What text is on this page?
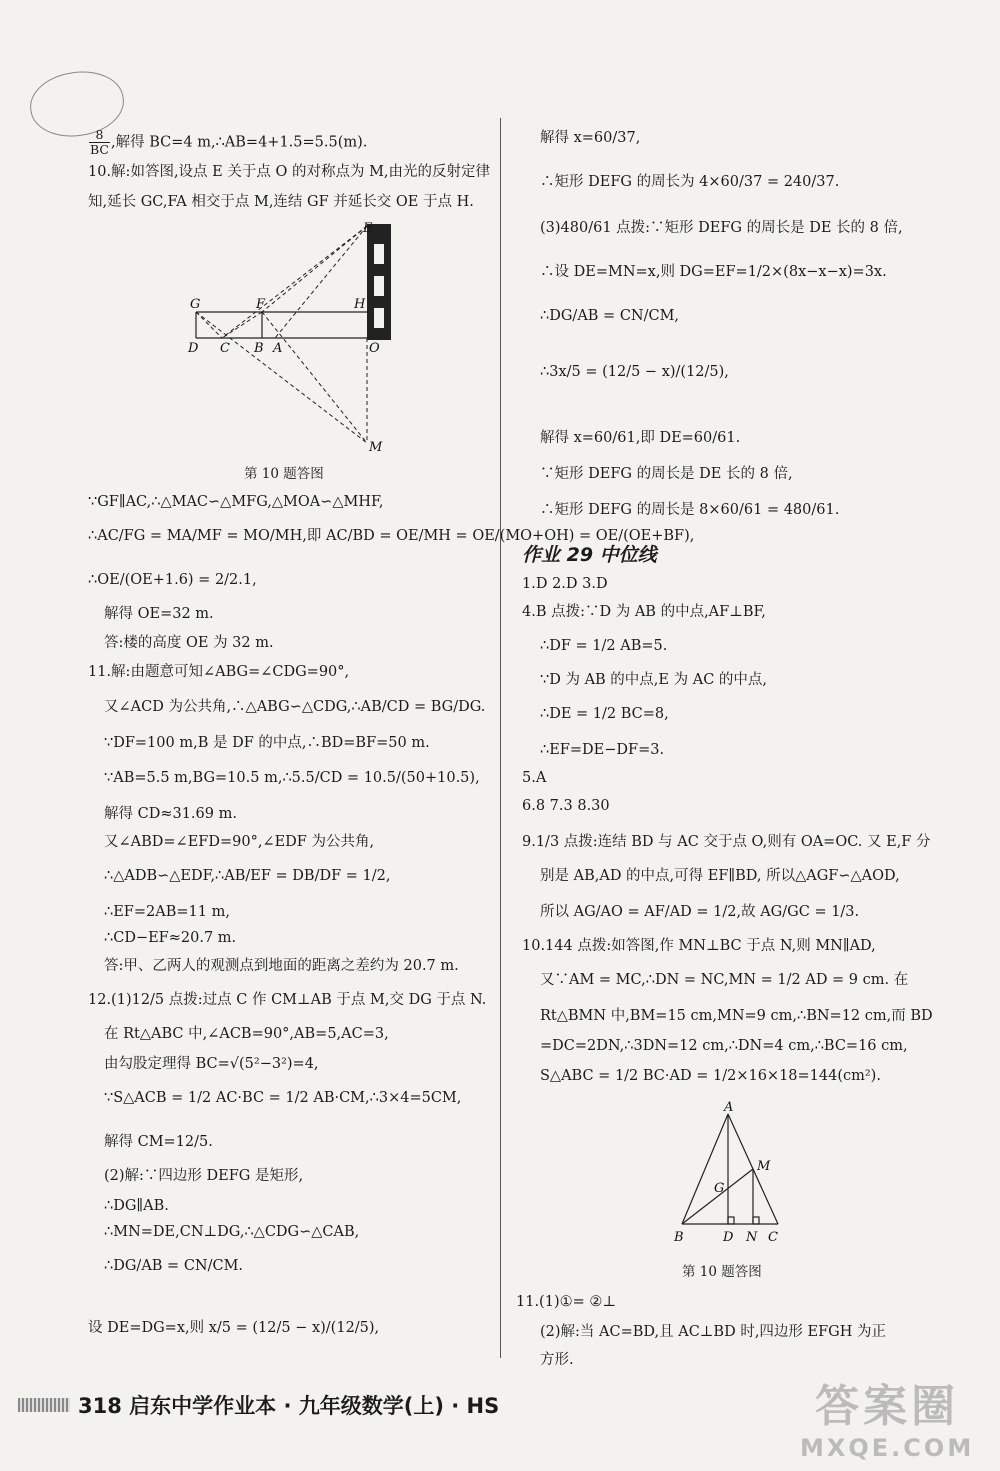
$\frac{8}{BC}$ ,解得 BC=4 m,∴AB=4+1.5=5.5(m).
10.解:如答图,设点 E 关于点 O 的对称点为 M,由光的反射定律
知,延长 GC,FA 相交于点 M,连结 GF 并延长交 OE 于点 H.
E
G	F	H
D C B A	O
M
第 10 题答图
∵GF∥AC,∴△MAC∽△MFG,△MOA∽△MHF,
∴AC/FG = MA/MF = MO/MH,即 AC/BD = OE/MH = OE/(MO+OH) = OE/(OE+BF),
∴OE/(OE+1.6) = 2/2.1,
解得 OE=32 m.
答:楼的高度 OE 为 32 m.
11.解:由题意可知∠ABG=∠CDG=90°,
又∠ACD 为公共角,∴△ABG∽△CDG,∴AB/CD = BG/DG.
∵DF=100 m,B 是 DF 的中点,∴BD=BF=50 m.
∵AB=5.5 m,BG=10.5 m,∴5.5/CD = 10.5/(50+10.5),
解得 CD≈31.69 m.
又∠ABD=∠EFD=90°,∠EDF 为公共角,
∴△ADB∽△EDF,∴AB/EF = DB/DF = 1/2,
∴EF=2AB=11 m,
∴CD−EF≈20.7 m.
答:甲、乙两人的观测点到地面的距离之差约为 20.7 m.
12.(1)12/5 点拨:过点 C 作 CM⊥AB 于点 M,交 DG 于点 N.
在 Rt△ABC 中,∠ACB=90°,AB=5,AC=3,
由勾股定理得 BC=√(5²−3²)=4,
∵S△ACB = 1/2 AC·BC = 1/2 AB·CM,∴3×4=5CM,
解得 CM=12/5.
(2)解:∵四边形 DEFG 是矩形,
∴DG∥AB.
∴MN=DE,CN⊥DG,∴△CDG∽△CAB,
∴DG/AB = CN/CM.
设 DE=DG=x,则 x/5 = (12/5 − x)/(12/5),
解得 x=60/37,
∴矩形 DEFG 的周长为 4×60/37 = 240/37.
(3)480/61 点拨:∵矩形 DEFG 的周长是 DE 长的 8 倍,
∴设 DE=MN=x,则 DG=EF=1/2×(8x−x−x)=3x.
∴DG/AB = CN/CM,
∴3x/5 = (12/5 − x)/(12/5),
解得 x=60/61,即 DE=60/61.
∵矩形 DEFG 的周长是 DE 长的 8 倍,
∴矩形 DEFG 的周长是 8×60/61 = 480/61.
作业 29 中位线
1.D 2.D 3.D
4.B 点拨:∵D 为 AB 的中点,AF⊥BF,
∴DF = 1/2 AB=5.
∵D 为 AB 的中点,E 为 AC 的中点,
∴DE = 1/2 BC=8,
∴EF=DE−DF=3.
5.A
6.8 7.3 8.30
9.1/3 点拨:连结 BD 与 AC 交于点 O,则有 OA=OC. 又 E,F 分
别是 AB,AD 的中点,可得 EF∥BD, 所以△AGF∽△AOD,
所以 AG/AO = AF/AD = 1/2,故 AG/GC = 1/3.
10.144 点拨:如答图,作 MN⊥BC 于点 N,则 MN∥AD,
又∵AM = MC,∴DN = NC,MN = 1/2 AD = 9 cm. 在
Rt△BMN 中,BM=15 cm,MN=9 cm,∴BN=12 cm,而 BD
=DC=2DN,∴3DN=12 cm,∴DN=4 cm,∴BC=16 cm,
S△ABC = 1/2 BC·AD = 1/2×16×18=144(cm²).
A
M
G
B	D N C
第 10 题答图
11.(1)①= ②⊥
(2)解:当 AC=BD,且 AC⊥BD 时,四边形 EFGH 为正
方形.
318 启东中学作业本 · 九年级数学(上) · HS	答案圈
MXQE.COM
